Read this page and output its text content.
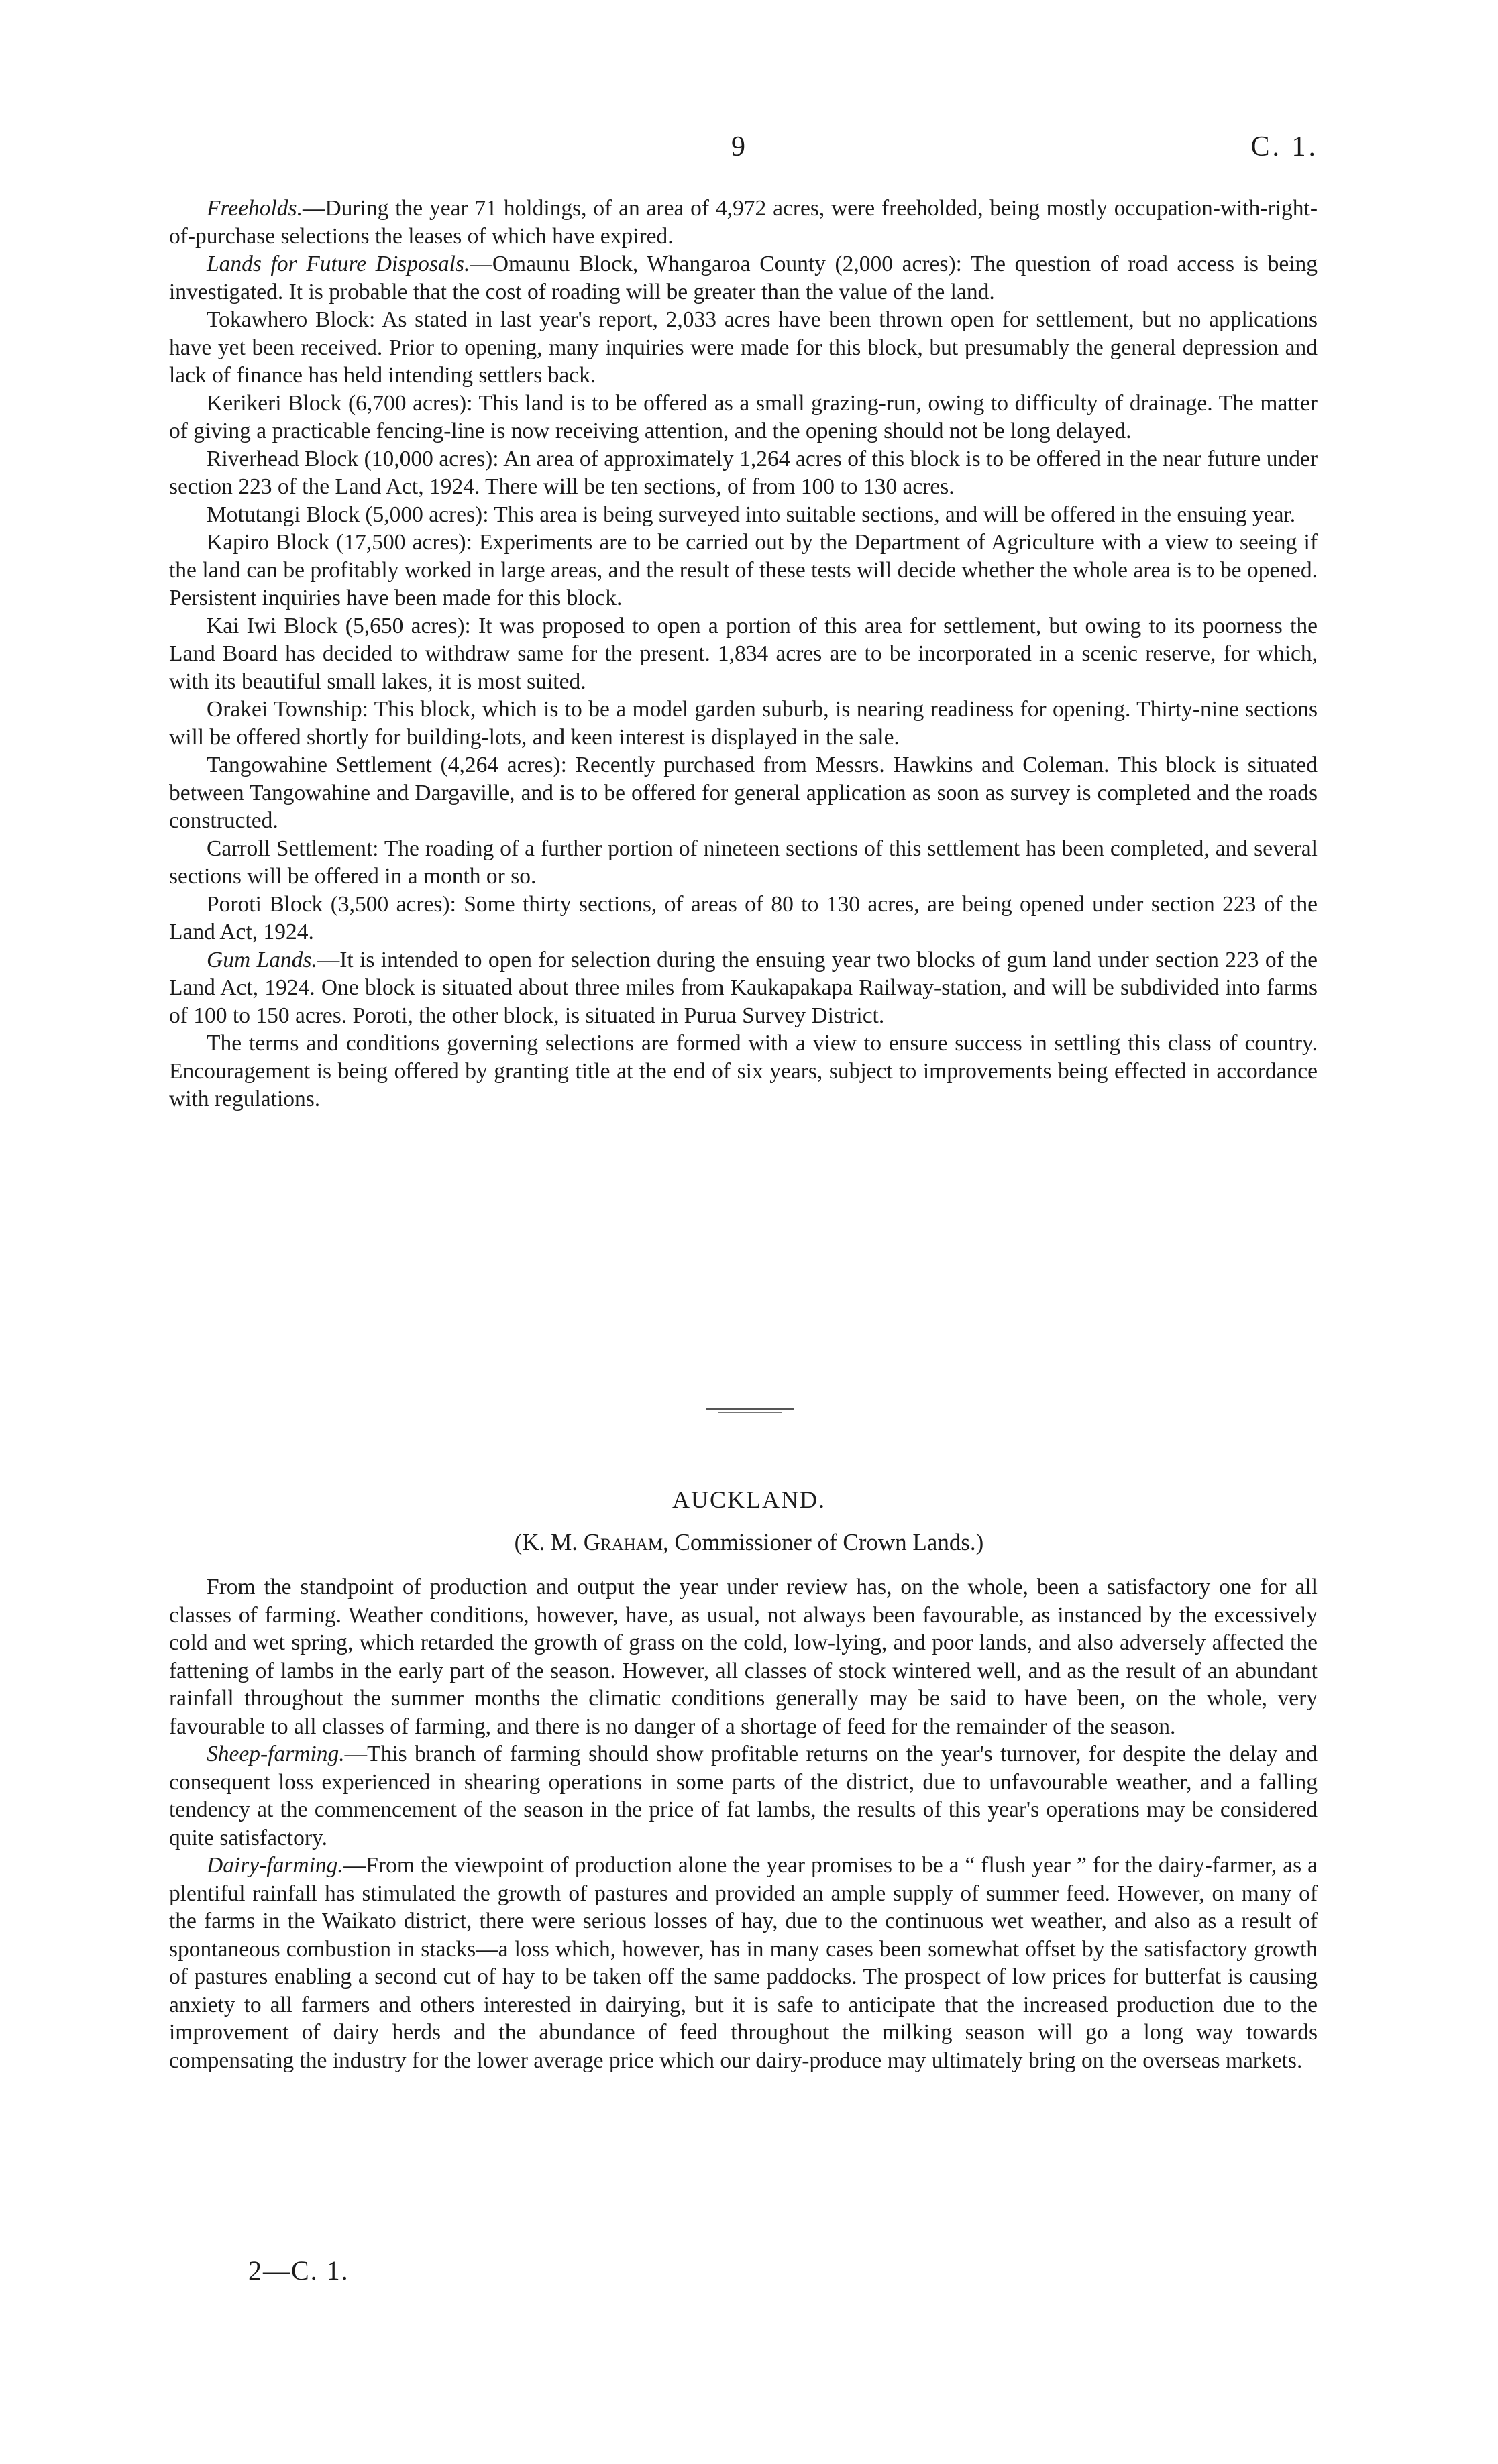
9	C. 1.

Freeholds.—During the year 71 holdings, of an area of 4,972 acres, were freeholded, being mostly occupation-with-right-of-purchase selections the leases of which have expired.

Lands for Future Disposals.—Omaunu Block, Whangaroa County (2,000 acres): The question of road access is being investigated. It is probable that the cost of roading will be greater than the value of the land.

Tokawhero Block: As stated in last year's report, 2,033 acres have been thrown open for settlement, but no applications have yet been received. Prior to opening, many inquiries were made for this block, but presumably the general depression and lack of finance has held intending settlers back.

Kerikeri Block (6,700 acres): This land is to be offered as a small grazing-run, owing to difficulty of drainage. The matter of giving a practicable fencing-line is now receiving attention, and the opening should not be long delayed.

Riverhead Block (10,000 acres): An area of approximately 1,264 acres of this block is to be offered in the near future under section 223 of the Land Act, 1924. There will be ten sections, of from 100 to 130 acres.

Motutangi Block (5,000 acres): This area is being surveyed into suitable sections, and will be offered in the ensuing year.

Kapiro Block (17,500 acres): Experiments are to be carried out by the Department of Agriculture with a view to seeing if the land can be profitably worked in large areas, and the result of these tests will decide whether the whole area is to be opened. Persistent inquiries have been made for this block.

Kai Iwi Block (5,650 acres): It was proposed to open a portion of this area for settlement, but owing to its poorness the Land Board has decided to withdraw same for the present. 1,834 acres are to be incorporated in a scenic reserve, for which, with its beautiful small lakes, it is most suited.

Orakei Township: This block, which is to be a model garden suburb, is nearing readiness for opening. Thirty-nine sections will be offered shortly for building-lots, and keen interest is displayed in the sale.

Tangowahine Settlement (4,264 acres): Recently purchased from Messrs. Hawkins and Coleman. This block is situated between Tangowahine and Dargaville, and is to be offered for general application as soon as survey is completed and the roads constructed.

Carroll Settlement: The roading of a further portion of nineteen sections of this settlement has been completed, and several sections will be offered in a month or so.

Poroti Block (3,500 acres): Some thirty sections, of areas of 80 to 130 acres, are being opened under section 223 of the Land Act, 1924.

Gum Lands.—It is intended to open for selection during the ensuing year two blocks of gum land under section 223 of the Land Act, 1924. One block is situated about three miles from Kaukapakapa Railway-station, and will be subdivided into farms of 100 to 150 acres. Poroti, the other block, is situated in Purua Survey District.

The terms and conditions governing selections are formed with a view to ensure success in settling this class of country. Encouragement is being offered by granting title at the end of six years, subject to improvements being effected in accordance with regulations.

AUCKLAND.
(K. M. Graham, Commissioner of Crown Lands.)

From the standpoint of production and output the year under review has, on the whole, been a satisfactory one for all classes of farming. Weather conditions, however, have, as usual, not always been favourable, as instanced by the excessively cold and wet spring, which retarded the growth of grass on the cold, low-lying, and poor lands, and also adversely affected the fattening of lambs in the early part of the season. However, all classes of stock wintered well, and as the result of an abundant rainfall throughout the summer months the climatic conditions generally may be said to have been, on the whole, very favourable to all classes of farming, and there is no danger of a shortage of feed for the remainder of the season.

Sheep-farming.—This branch of farming should show profitable returns on the year's turnover, for despite the delay and consequent loss experienced in shearing operations in some parts of the district, due to unfavourable weather, and a falling tendency at the commencement of the season in the price of fat lambs, the results of this year's operations may be considered quite satisfactory.

Dairy-farming.—From the viewpoint of production alone the year promises to be a “ flush year ” for the dairy-farmer, as a plentiful rainfall has stimulated the growth of pastures and provided an ample supply of summer feed. However, on many of the farms in the Waikato district, there were serious losses of hay, due to the continuous wet weather, and also as a result of spontaneous combustion in stacks—a loss which, however, has in many cases been somewhat offset by the satisfactory growth of pastures enabling a second cut of hay to be taken off the same paddocks. The prospect of low prices for butterfat is causing anxiety to all farmers and others interested in dairying, but it is safe to anticipate that the increased production due to the improvement of dairy herds and the abundance of feed throughout the milking season will go a long way towards compensating the industry for the lower average price which our dairy-produce may ultimately bring on the overseas markets.

2—C. 1.
